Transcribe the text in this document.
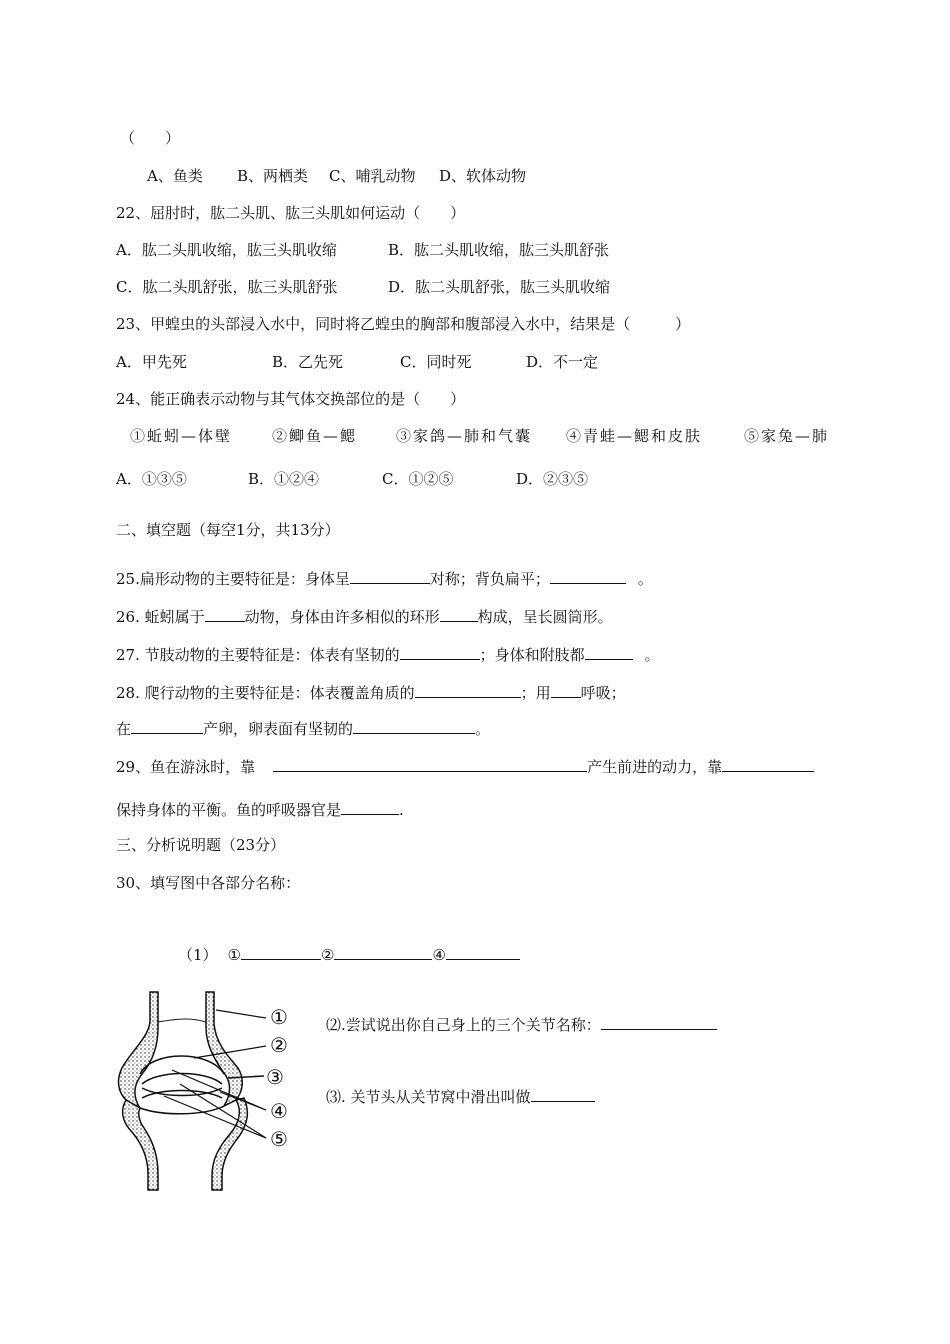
（　　）
A、鱼类 B、两栖类 C、哺乳动物 D、软体动物
22、屈肘时，肱二头肌、肱三头肌如何运动（　　）
A．肱二头肌收缩，肱三头肌收缩	B．肱二头肌收缩，肱三头肌舒张
C．肱二头肌舒张，肱三头肌舒张	D．肱二头肌舒张，肱三头肌收缩
23、甲蝗虫的头部浸入水中，同时将乙蝗虫的胸部和腹部浸入水中，结果是（　　　）
A．甲先死	B．乙先死	C．同时死	D．不一定
24、能正确表示动物与其气体交换部位的是（　　）
①蚯蚓—体壁	②鲫鱼—鳃	③家鸽—肺和气囊 ④青蛙—鳃和皮肤	⑤家兔—肺
A．①③⑤	B．①②④	C．①②⑤	D．②③⑤
二、填空题（每空1分，共13分）
25.扁形动物的主要特征是：身体呈	对称；背负扁平；	。
26. 蚯蚓属于	动物，身体由许多相似的环形	构成，呈长圆筒形。
27. 节肢动物的主要特征是：体表有坚韧的	；身体和附肢都	。
28. 爬行动物的主要特征是：体表覆盖角质的	；用 呼吸；
在	产卵，卵表面有坚韧的	。
29、鱼在游泳时，靠	产生前进的动力，靠
保持身体的平衡。鱼的呼吸器官是	.
三、分析说明题（23分）
30、填写图中各部分名称：
（1） ①	②	④
①
②
③
④
⑤
⑵.尝试说出你自己身上的三个关节名称：
⑶. 关节头从关节窝中滑出叫做
